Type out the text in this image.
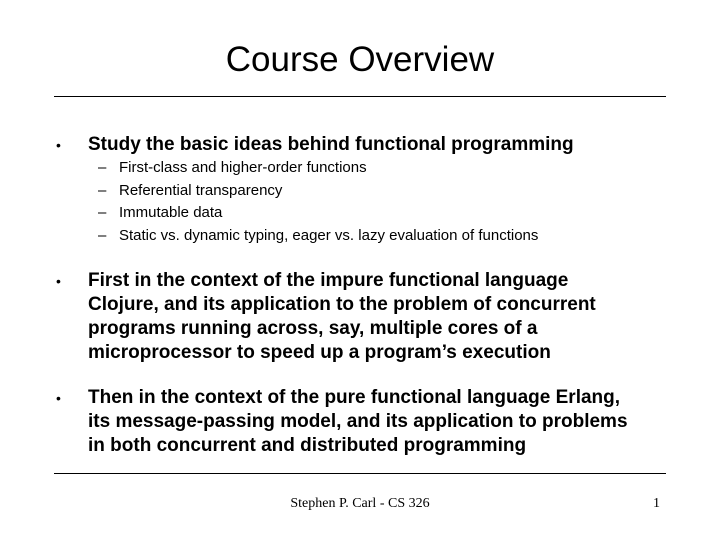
Course Overview
•	Study the basic ideas behind functional programming
– First-class and higher-order functions
– Referential transparency
– Immutable data
– Static vs. dynamic typing, eager vs. lazy evaluation of functions
•	First in the context of the impure functional language
Clojure, and its application to the problem of concurrent
programs running across, say, multiple cores of a
microprocessor to speed up a program’s execution
•	Then in the context of the pure functional language Erlang,
its message-passing model, and its application to problems
in both concurrent and distributed programming
Stephen P. Carl - CS 326	1
